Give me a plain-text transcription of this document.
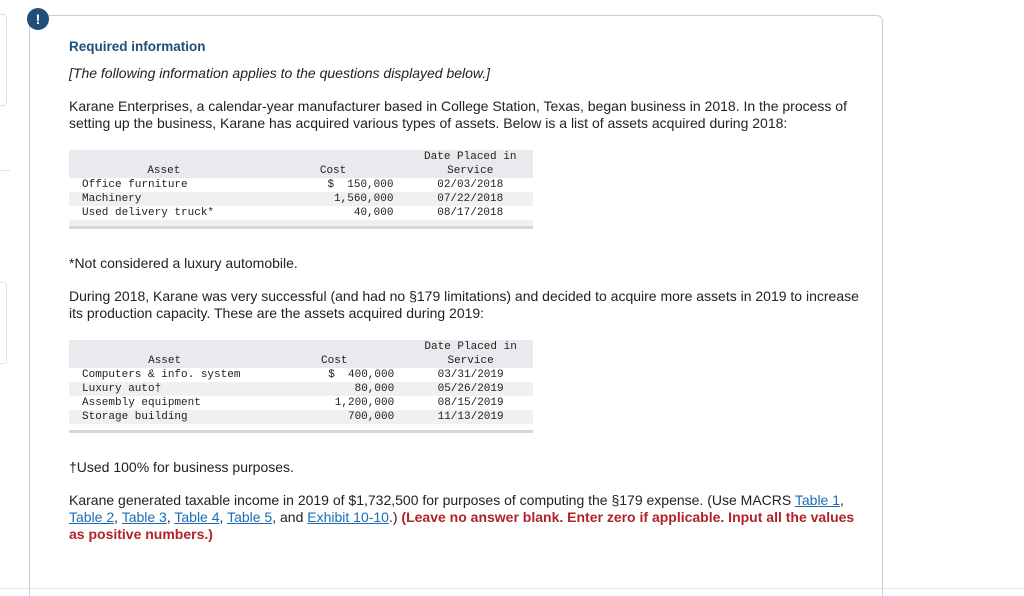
!

Required information

[The following information applies to the questions displayed below.]

Karane Enterprises, a calendar-year manufacturer based in College Station, Texas, began business in 2018. In the process of setting up the business, Karane has acquired various types of assets. Below is a list of assets acquired during 2018:

		Date Placed in
Asset	Cost	Service
Office furniture	$  150,000	02/03/2018
Machinery	1,560,000	07/22/2018
Used delivery truck*	40,000	08/17/2018

*Not considered a luxury automobile.

During 2018, Karane was very successful (and had no §179 limitations) and decided to acquire more assets in 2019 to increase its production capacity. These are the assets acquired during 2019:

		Date Placed in
Asset	Cost	Service
Computers & info. system	$  400,000	03/31/2019
Luxury auto†	80,000	05/26/2019
Assembly equipment	1,200,000	08/15/2019
Storage building	700,000	11/13/2019

†Used 100% for business purposes.

Karane generated taxable income in 2019 of $1,732,500 for purposes of computing the §179 expense. (Use MACRS Table 1, Table 2, Table 3, Table 4, Table 5, and Exhibit 10-10.) (Leave no answer blank. Enter zero if applicable. Input all the values as positive numbers.)
